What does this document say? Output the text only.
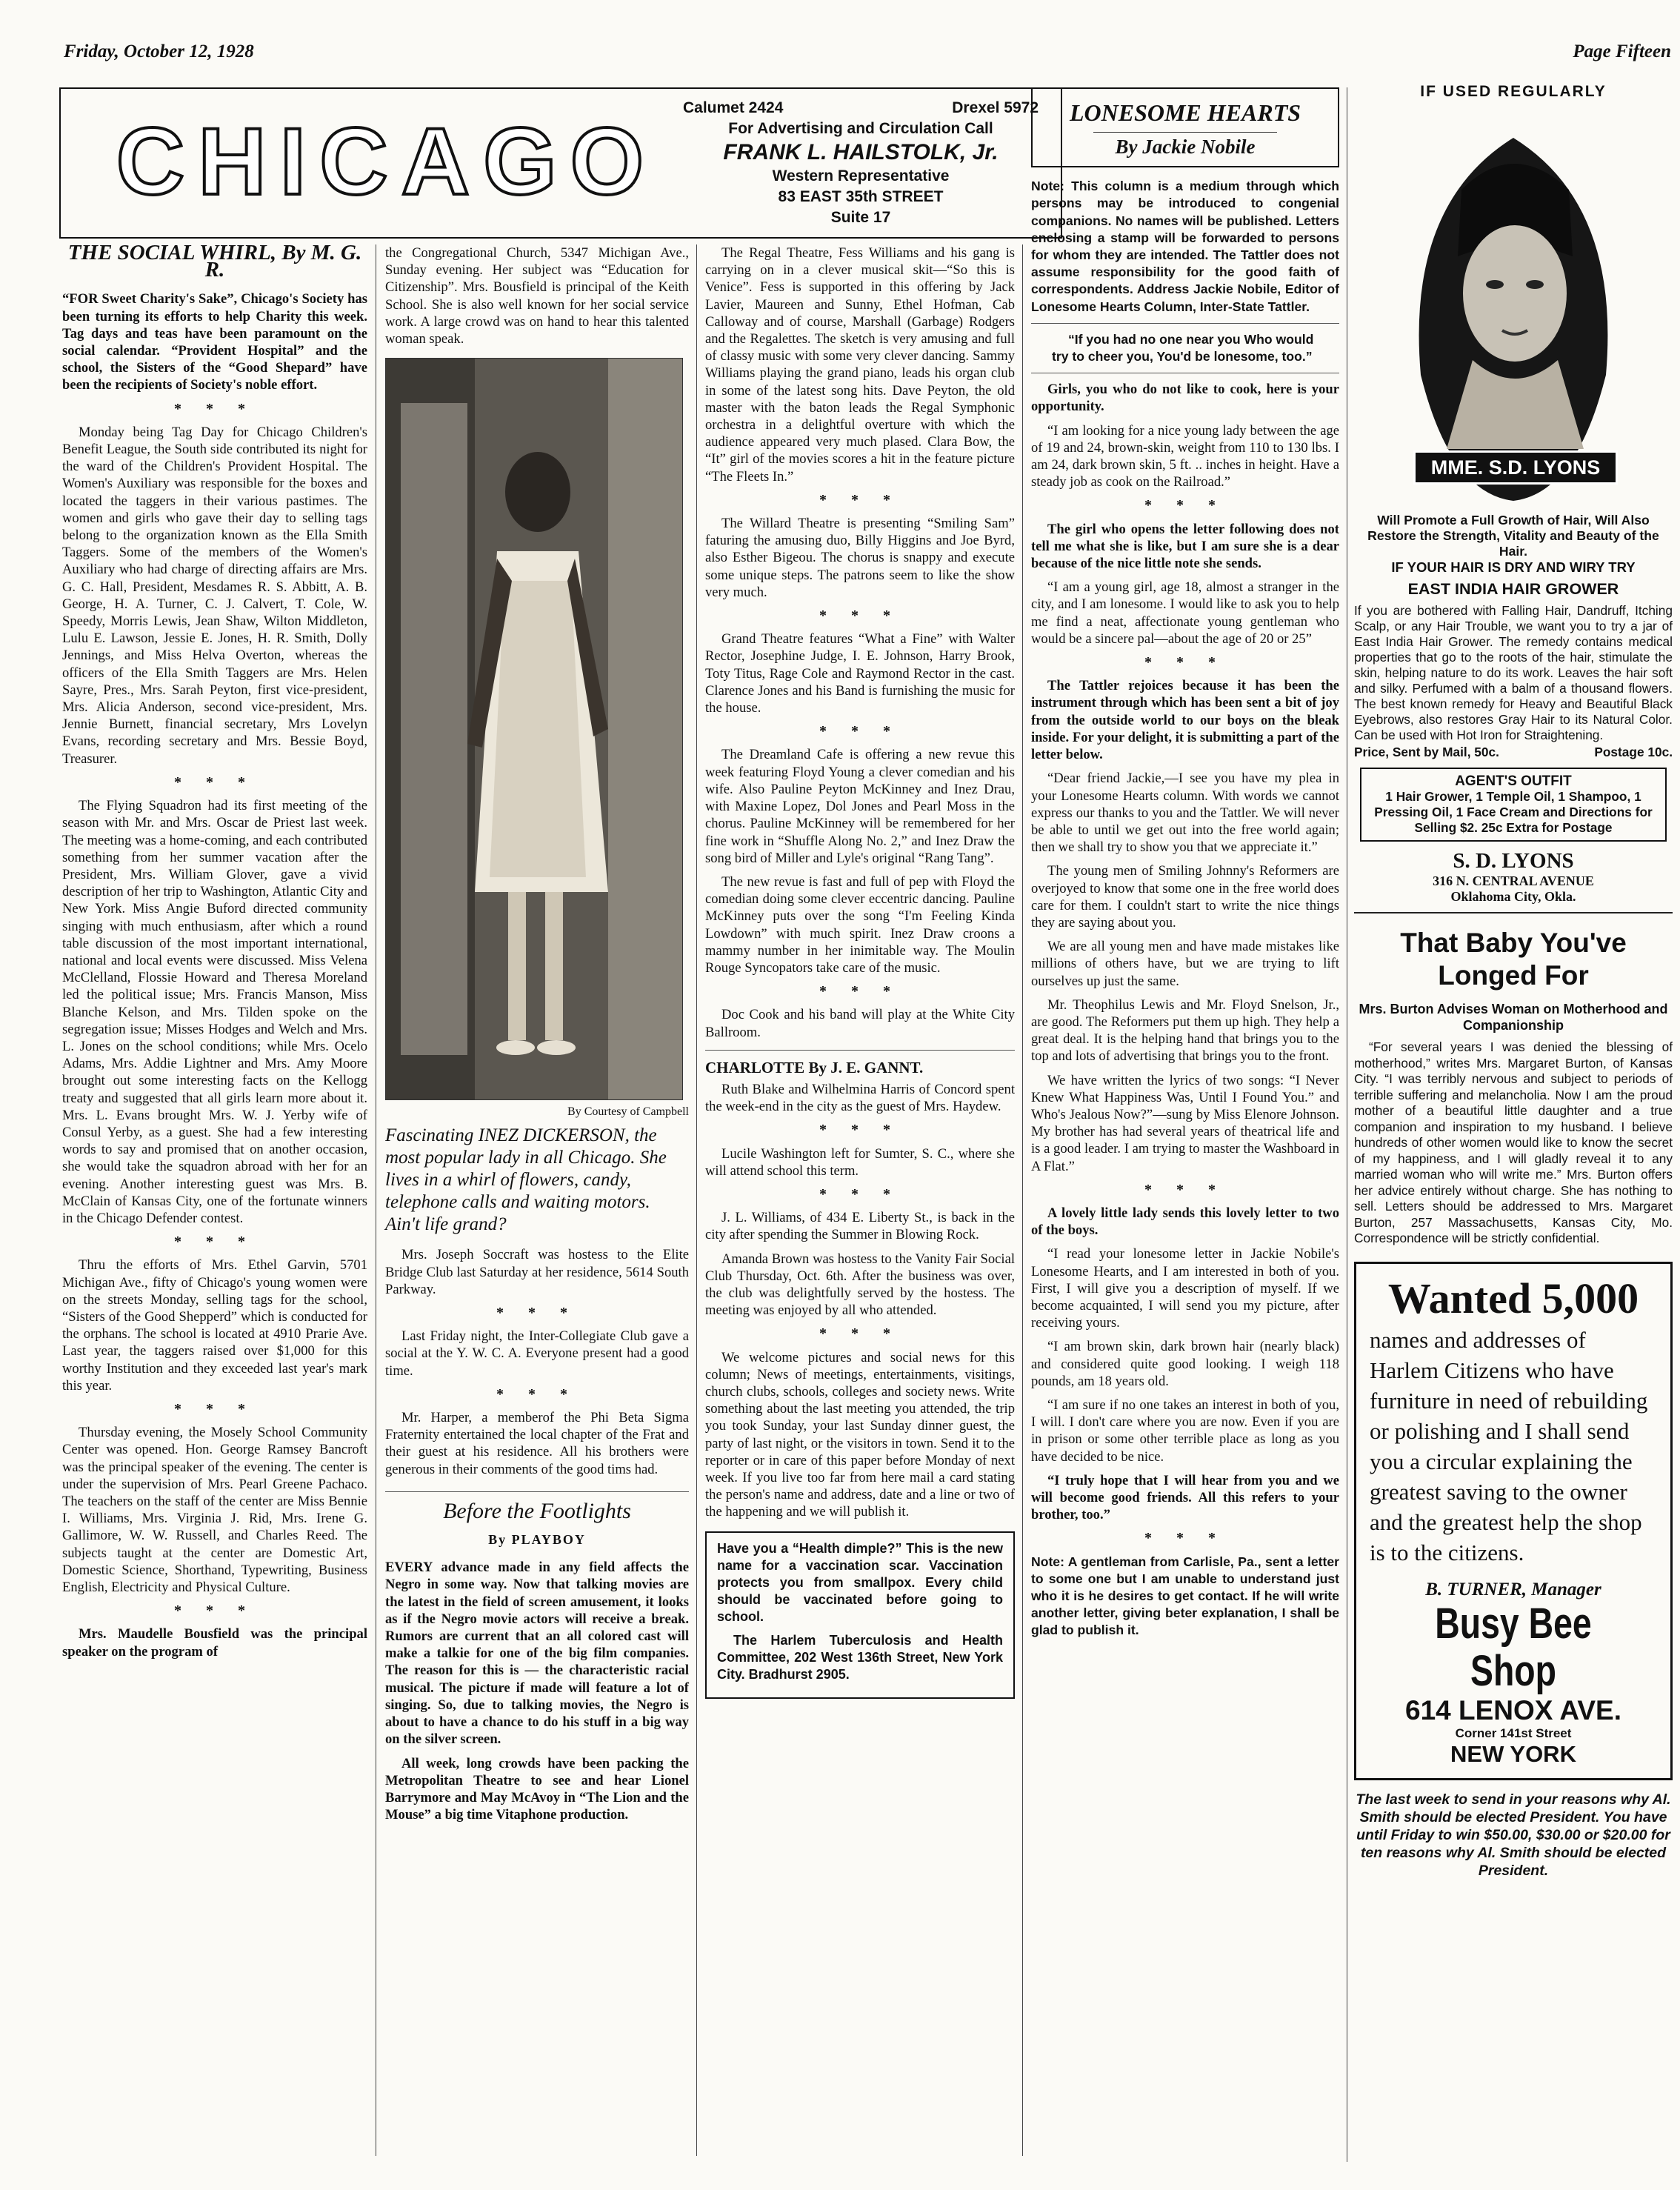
Friday, October 12, 1928	Page Fifteen
CHICAGO
Calumet 2424	Drexel 5972
For Advertising and Circulation Call
FRANK L. HAILSTOLK, Jr.
Western Representative
83 EAST 35th STREET
Suite 17
THE SOCIAL WHIRL, By M. G. R.

“FOR Sweet Charity's Sake”, Chicago's Society has been turning its efforts to help Charity this week. Tag days and teas have been paramount on the social calendar. “Provident Hospital” and the school, the Sisters of the “Good Shepard” have been the recipients of Society's noble effort.

* * *

Monday being Tag Day for Chicago Children's Benefit League, the South side contributed its night for the ward of the Children's Provident Hospital. The Women's Auxiliary was responsible for the boxes and located the taggers in their various pastimes. The women and girls who gave their day to selling tags belong to the organization known as the Ella Smith Taggers. Some of the members of the Women's Auxiliary who had charge of directing affairs are Mrs. G. C. Hall, President, Mesdames R. S. Abbitt, A. B. George, H. A. Turner, C. J. Calvert, T. Cole, W. Speedy, Morris Lewis, Jean Shaw, Wilton Middleton, Lulu E. Lawson, Jessie E. Jones, H. R. Smith, Dolly Jennings, and Miss Helva Overton, whereas the officers of the Ella Smith Taggers are Mrs. Helen Sayre, Pres., Mrs. Sarah Peyton, first vice-president, Mrs. Alicia Anderson, second vice-president, Mrs. Jennie Burnett, financial secretary, Mrs Lovelyn Evans, recording secretary and Mrs. Bessie Boyd, Treasurer.

* * *

The Flying Squadron had its first meeting of the season with Mr. and Mrs. Oscar de Priest last week. The meeting was a home-coming, and each contributed something from her summer vacation after the President, Mrs. William Glover, gave a vivid description of her trip to Washington, Atlantic City and New York. Miss Angie Buford directed community singing with much enthusiasm, after which a round table discussion of the most important international, national and local events were discussed. Miss Velena McClelland, Flossie Howard and Theresa Moreland led the political issue; Mrs. Francis Manson, Miss Blanche Kelson, and Mrs. Tilden spoke on the segregation issue; Misses Hodges and Welch and Mrs. L. Jones on the school conditions; while Mrs. Ocelo Adams, Mrs. Addie Lightner and Mrs. Amy Moore brought out some interesting facts on the Kellogg treaty and suggested that all girls learn more about it. Mrs. L. Evans brought Mrs. W. J. Yerby wife of Consul Yerby, as a guest. She had a few interesting words to say and promised that on another occasion, she would take the squadron abroad with her for an evening. Another interesting guest was Mrs. B. McClain of Kansas City, one of the fortunate winners in the Chicago Defender contest.

* * *

Thru the efforts of Mrs. Ethel Garvin, 5701 Michigan Ave., fifty of Chicago's young women were on the streets Monday, selling tags for the school, “Sisters of the Good Shepperd” which is conducted for the orphans. The school is located at 4910 Prarie Ave. Last year, the taggers raised over $1,000 for this worthy Institution and they exceeded last year's mark this year.

* * *

Thursday evening, the Mosely School Community Center was opened. Hon. George Ramsey Bancroft was the principal speaker of the evening. The center is under the supervision of Mrs. Pearl Greene Pachaco. The teachers on the staff of the center are Miss Bennie I. Williams, Mrs. Virginia J. Rid, Mrs. Irene G. Gallimore, W. W. Russell, and Charles Reed. The subjects taught at the center are Domestic Art, Domestic Science, Shorthand, Typewriting, Business English, Electricity and Physical Culture.

* * *

Mrs. Maudelle Bousfield was the principal speaker on the program of

the Congregational Church, 5347 Michigan Ave., Sunday evening. Her subject was “Education for Citizenship”. Mrs. Bousfield is principal of the Keith School. She is also well known for her social service work. A large crowd was on hand to hear this talented woman speak.

By Courtesy of Campbell
Fascinating INEZ DICKERSON, the most popular lady in all Chicago. She lives in a whirl of flowers, candy, telephone calls and waiting motors. Ain't life grand?

Mrs. Joseph Soccraft was hostess to the Elite Bridge Club last Saturday at her residence, 5614 South Parkway.

* * *

Last Friday night, the Inter-Collegiate Club gave a social at the Y. W. C. A. Everyone present had a good time.

* * *

Mr. Harper, a memberof the Phi Beta Sigma Fraternity entertained the local chapter of the Frat and their guest at his residence. All his brothers were generous in their comments of the good tims had.

Before the Footlights
By PLAYBOY

EVERY advance made in any field affects the Negro in some way. Now that talking movies are the latest in the field of screen amusement, it looks as if the Negro movie actors will receive a break. Rumors are current that an all colored cast will make a talkie for one of the big film companies. The reason for this is — the characteristic racial musical. The picture if made will feature a lot of singing. So, due to talking movies, the Negro is about to have a chance to do his stuff in a big way on the silver screen.

All week, long crowds have been packing the Metropolitan Theatre to see and hear Lionel Barrymore and May McAvoy in “The Lion and the Mouse” a big time Vitaphone production.

The Regal Theatre, Fess Williams and his gang is carrying on in a clever musical skit—“So this is Venice”. Fess is supported in this offering by Jack Lavier, Maureen and Sunny, Ethel Hofman, Cab Calloway and of course, Marshall (Garbage) Rodgers and the Regalettes. The sketch is very amusing and full of classy music with some very clever dancing. Sammy Williams playing the grand piano, leads his organ club in some of the latest song hits. Dave Peyton, the old master with the baton leads the Regal Symphonic orchestra in a delightful overture with which the audience appeared very much plased. Clara Bow, the “It” girl of the movies scores a hit in the feature picture “The Fleets In.”

* * *

The Willard Theatre is presenting “Smiling Sam” faturing the amusing duo, Billy Higgins and Joe Byrd, also Esther Bigeou. The chorus is snappy and execute some unique steps. The patrons seem to like the show very much.

* * *

Grand Theatre features “What a Fine” with Walter Rector, Josephine Judge, I. E. Johnson, Harry Brook, Toty Titus, Rage Cole and Raymond Rector in the cast. Clarence Jones and his Band is furnishing the music for the house.

* * *

The Dreamland Cafe is offering a new revue this week featuring Floyd Young a clever comedian and his wife. Also Pauline Peyton McKinney and Inez Drau, with Maxine Lopez, Dol Jones and Pearl Moss in the chorus. Pauline McKinney will be remembered for her fine work in “Shuffle Along No. 2,” and Inez Draw the song bird of Miller and Lyle's original “Rang Tang”.

The new revue is fast and full of pep with Floyd the comedian doing some clever eccentric dancing. Pauline McKinney puts over the song “I'm Feeling Kinda Lowdown” with much spirit. Inez Draw croons a mammy number in her inimitable way. The Moulin Rouge Syncopators take care of the music.

* * *

Doc Cook and his band will play at the White City Ballroom.

CHARLOTTE By J. E. GANNT.

Ruth Blake and Wilhelmina Harris of Concord spent the week-end in the city as the guest of Mrs. Haydew.

* * *

Lucile Washington left for Sumter, S. C., where she will attend school this term.

* * *

J. L. Williams, of 434 E. Liberty St., is back in the city after spending the Summer in Blowing Rock.

Amanda Brown was hostess to the Vanity Fair Social Club Thursday, Oct. 6th. After the business was over, the club was delightfully served by the hostess. The meeting was enjoyed by all who attended.

* * *

We welcome pictures and social news for this column; News of meetings, entertainments, visitings, church clubs, schools, colleges and society news. Write something about the last meeting you attended, the trip you took Sunday, your last Sunday dinner guest, the party of last night, or the visitors in town. Send it to the reporter or in care of this paper before Monday of next week. If you live too far from here mail a card stating the person's name and address, date and a line or two of the happening and we will publish it.

Have you a “Health dimple?” This is the new name for a vaccination scar. Vaccination protects you from smallpox. Every child should be vaccinated before going to school.

The Harlem Tuberculosis and Health Committee, 202 West 136th Street, New York City. Bradhurst 2905.

LONESOME HEARTS
By Jackie Nobile

Note: This column is a medium through which persons may be introduced to congenial companions. No names will be published. Letters enclosing a stamp will be forwarded to persons for whom they are intended. The Tattler does not assume responsibility for the good faith of correspondents. Address Jackie Nobile, Editor of Lonesome Hearts Column, Inter-State Tattler.

“If you had no one near you Who would try to cheer you, You'd be lonesome, too.”

Girls, you who do not like to cook, here is your opportunity.

“I am looking for a nice young lady between the age of 19 and 24, brown-skin, weight from 110 to 130 lbs. I am 24, dark brown skin, 5 ft. .. inches in height. Have a steady job as cook on the Railroad.”

* * *

The girl who opens the letter following does not tell me what she is like, but I am sure she is a dear because of the nice little note she sends.

“I am a young girl, age 18, almost a stranger in the city, and I am lonesome. I would like to ask you to help me find a neat, affectionate young gentleman who would be a sincere pal—about the age of 20 or 25”

* * *

The Tattler rejoices because it has been the instrument through which has been sent a bit of joy from the outside world to our boys on the bleak inside. For your delight, it is submitting a part of the letter below.

“Dear friend Jackie,—I see you have my plea in your Lonesome Hearts column. With words we cannot express our thanks to you and the Tattler. We will never be able to until we get out into the free world again; then we shall try to show you that we appreciate it.”

The young men of Smiling Johnny's Reformers are overjoyed to know that some one in the free world does care for them. I couldn't start to write the nice things they are saying about you.

We are all young men and have made mistakes like millions of others have, but we are trying to lift ourselves up just the same.

Mr. Theophilus Lewis and Mr. Floyd Snelson, Jr., are good. The Reformers put them up high. They help a great deal. It is the helping hand that brings you to the top and lots of advertising that brings you to the front.

We have written the lyrics of two songs: “I Never Knew What Happiness Was, Until I Found You.” and Who's Jealous Now?”—sung by Miss Elenore Johnson. My brother has had several years of theatrical life and is a good leader. I am trying to master the Washboard in A Flat.”

* * *

A lovely little lady sends this lovely letter to two of the boys.

“I read your lonesome letter in Jackie Nobile's Lonesome Hearts, and I am interested in both of you. First, I will give you a description of myself. If we become acquainted, I will send you my picture, after receiving yours.

“I am brown skin, dark brown hair (nearly black) and considered quite good looking. I weigh 118 pounds, am 18 years old.

“I am sure if no one takes an interest in both of you, I will. I don't care where you are now. Even if you are in prison or some other terrible place as long as you have decided to be nice.

“I truly hope that I will hear from you and we will become good friends. All this refers to your brother, too.”

* * *

Note: A gentleman from Carlisle, Pa., sent a letter to some one but I am unable to understand just who it is he desires to get contact. If he will write another letter, giving beter explanation, I shall be glad to publish it.

IF USED REGULARLY
MME. S.D. LYONS
Will Promote a Full Growth of Hair, Will Also Restore the Strength, Vitality and Beauty of the Hair.
IF YOUR HAIR IS DRY AND WIRY TRY
EAST INDIA HAIR GROWER
If you are bothered with Falling Hair, Dandruff, Itching Scalp, or any Hair Trouble, we want you to try a jar of East India Hair Grower. The remedy contains medical properties that go to the roots of the hair, stimulate the skin, helping nature to do its work. Leaves the hair soft and silky. Perfumed with a balm of a thousand flowers. The best known remedy for Heavy and Beautiful Black Eyebrows, also restores Gray Hair to its Natural Color. Can be used with Hot Iron for Straightening.
Price, Sent by Mail, 50c.	Postage 10c.
AGENT'S OUTFIT
1 Hair Grower, 1 Temple Oil, 1 Shampoo, 1 Pressing Oil, 1 Face Cream and Directions for Selling $2. 25c Extra for Postage
S. D. LYONS
316 N. CENTRAL AVENUE
Oklahoma City, Okla.
That Baby You've Longed For
Mrs. Burton Advises Woman on Motherhood and Companionship
“For several years I was denied the blessing of motherhood,” writes Mrs. Margaret Burton, of Kansas City. “I was terribly nervous and subject to periods of terrible suffering and melancholia. Now I am the proud mother of a beautiful little daughter and a true companion and inspiration to my husband. I believe hundreds of other women would like to know the secret of my happiness, and I will gladly reveal it to any married woman who will write me.” Mrs. Burton offers her advice entirely without charge. She has nothing to sell. Letters should be addressed to Mrs. Margaret Burton, 257 Massachusetts, Kansas City, Mo. Correspondence will be strictly confidential.
Wanted 5,000
names and addresses of Harlem Citizens who have furniture in need of rebuilding or polishing and I shall send you a circular explaining the greatest saving to the owner and the greatest help the shop is to the citizens.
B. TURNER, Manager
Busy Bee Shop
614 LENOX AVE.
Corner 141st Street
NEW YORK
The last week to send in your reasons why Al. Smith should be elected President. You have until Friday to win $50.00, $30.00 or $20.00 for ten reasons why Al. Smith should be elected President.
